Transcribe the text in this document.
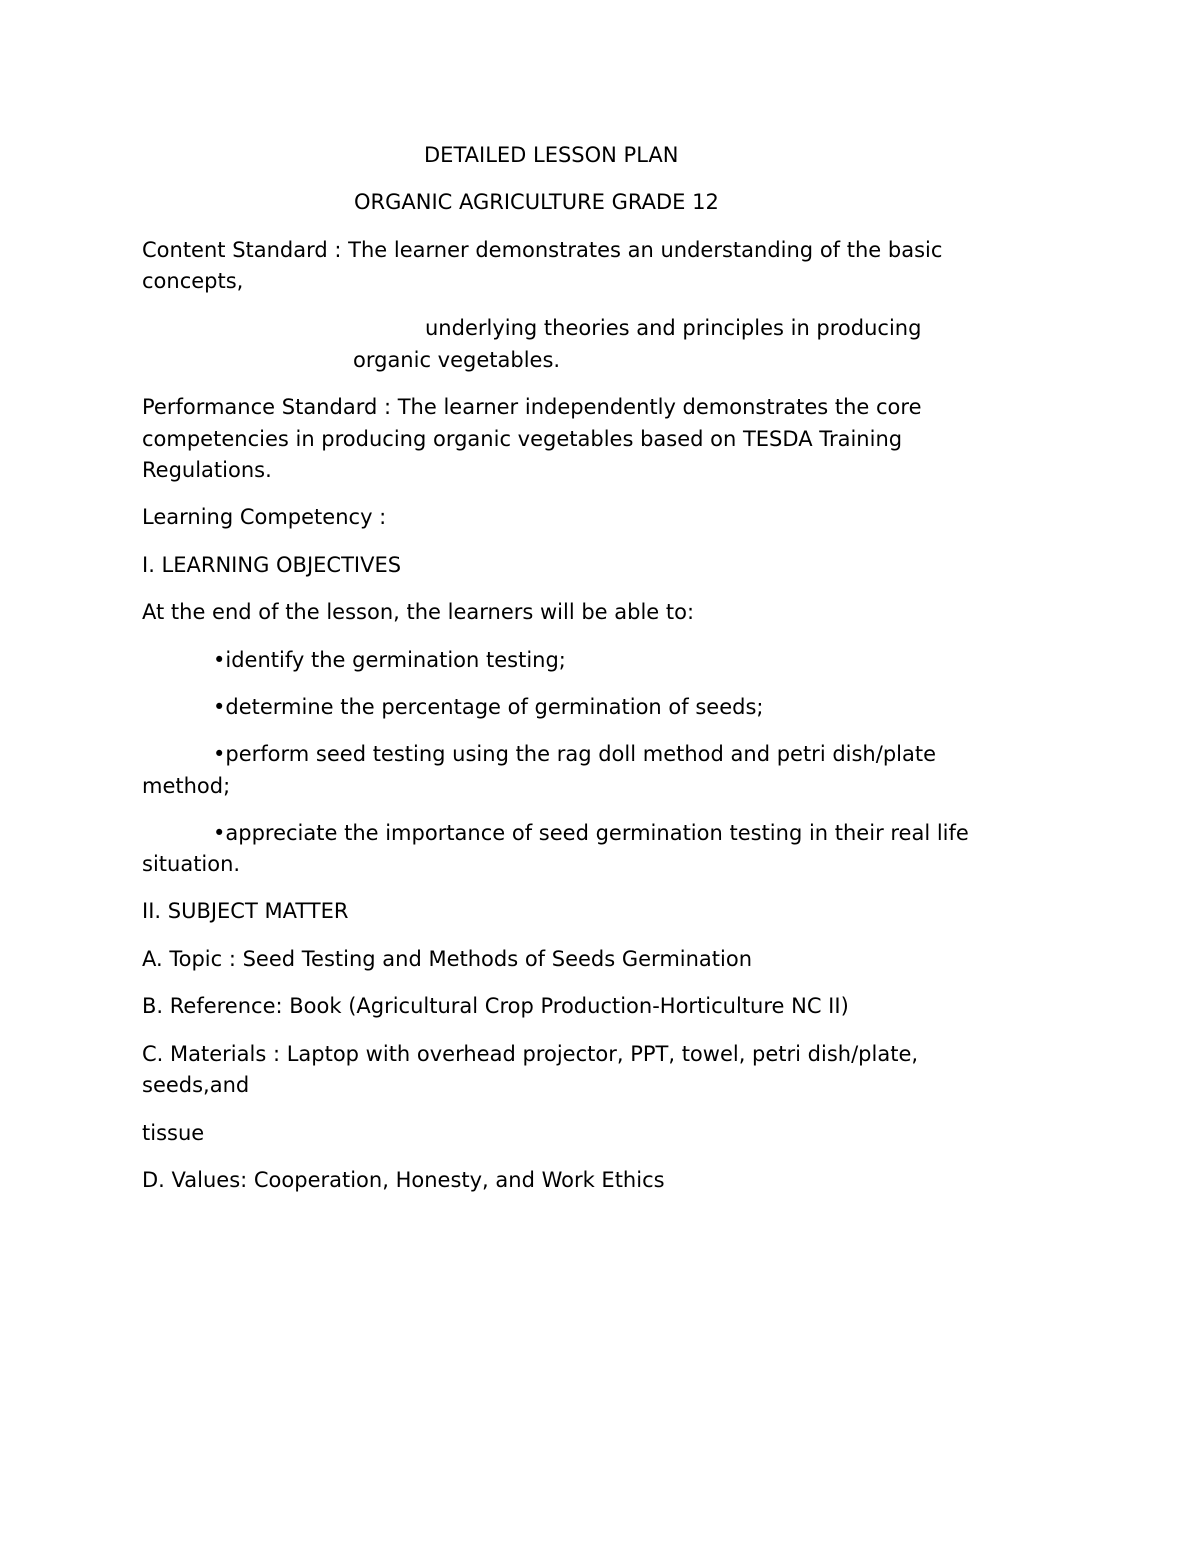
DETAILED LESSON PLAN

ORGANIC AGRICULTURE GRADE 12

Content Standard : The learner demonstrates an understanding of the basic

concepts,

underlying theories and principles in producing

organic vegetables.

Performance Standard : The learner independently demonstrates the core

competencies in producing organic vegetables based on TESDA Training

Regulations.

Learning Competency :

I. LEARNING OBJECTIVES

At the end of the lesson, the learners will be able to:

•identify the germination testing;

•determine the percentage of germination of seeds;

•perform seed testing using the rag doll method and petri dish/plate

method;

•appreciate the importance of seed germination testing in their real life

situation.

II. SUBJECT MATTER

A. Topic : Seed Testing and Methods of Seeds Germination

B. Reference: Book (Agricultural Crop Production-Horticulture NC II)

C. Materials : Laptop with overhead projector, PPT, towel, petri dish/plate,

seeds,and

tissue

D. Values: Cooperation, Honesty, and Work Ethics
